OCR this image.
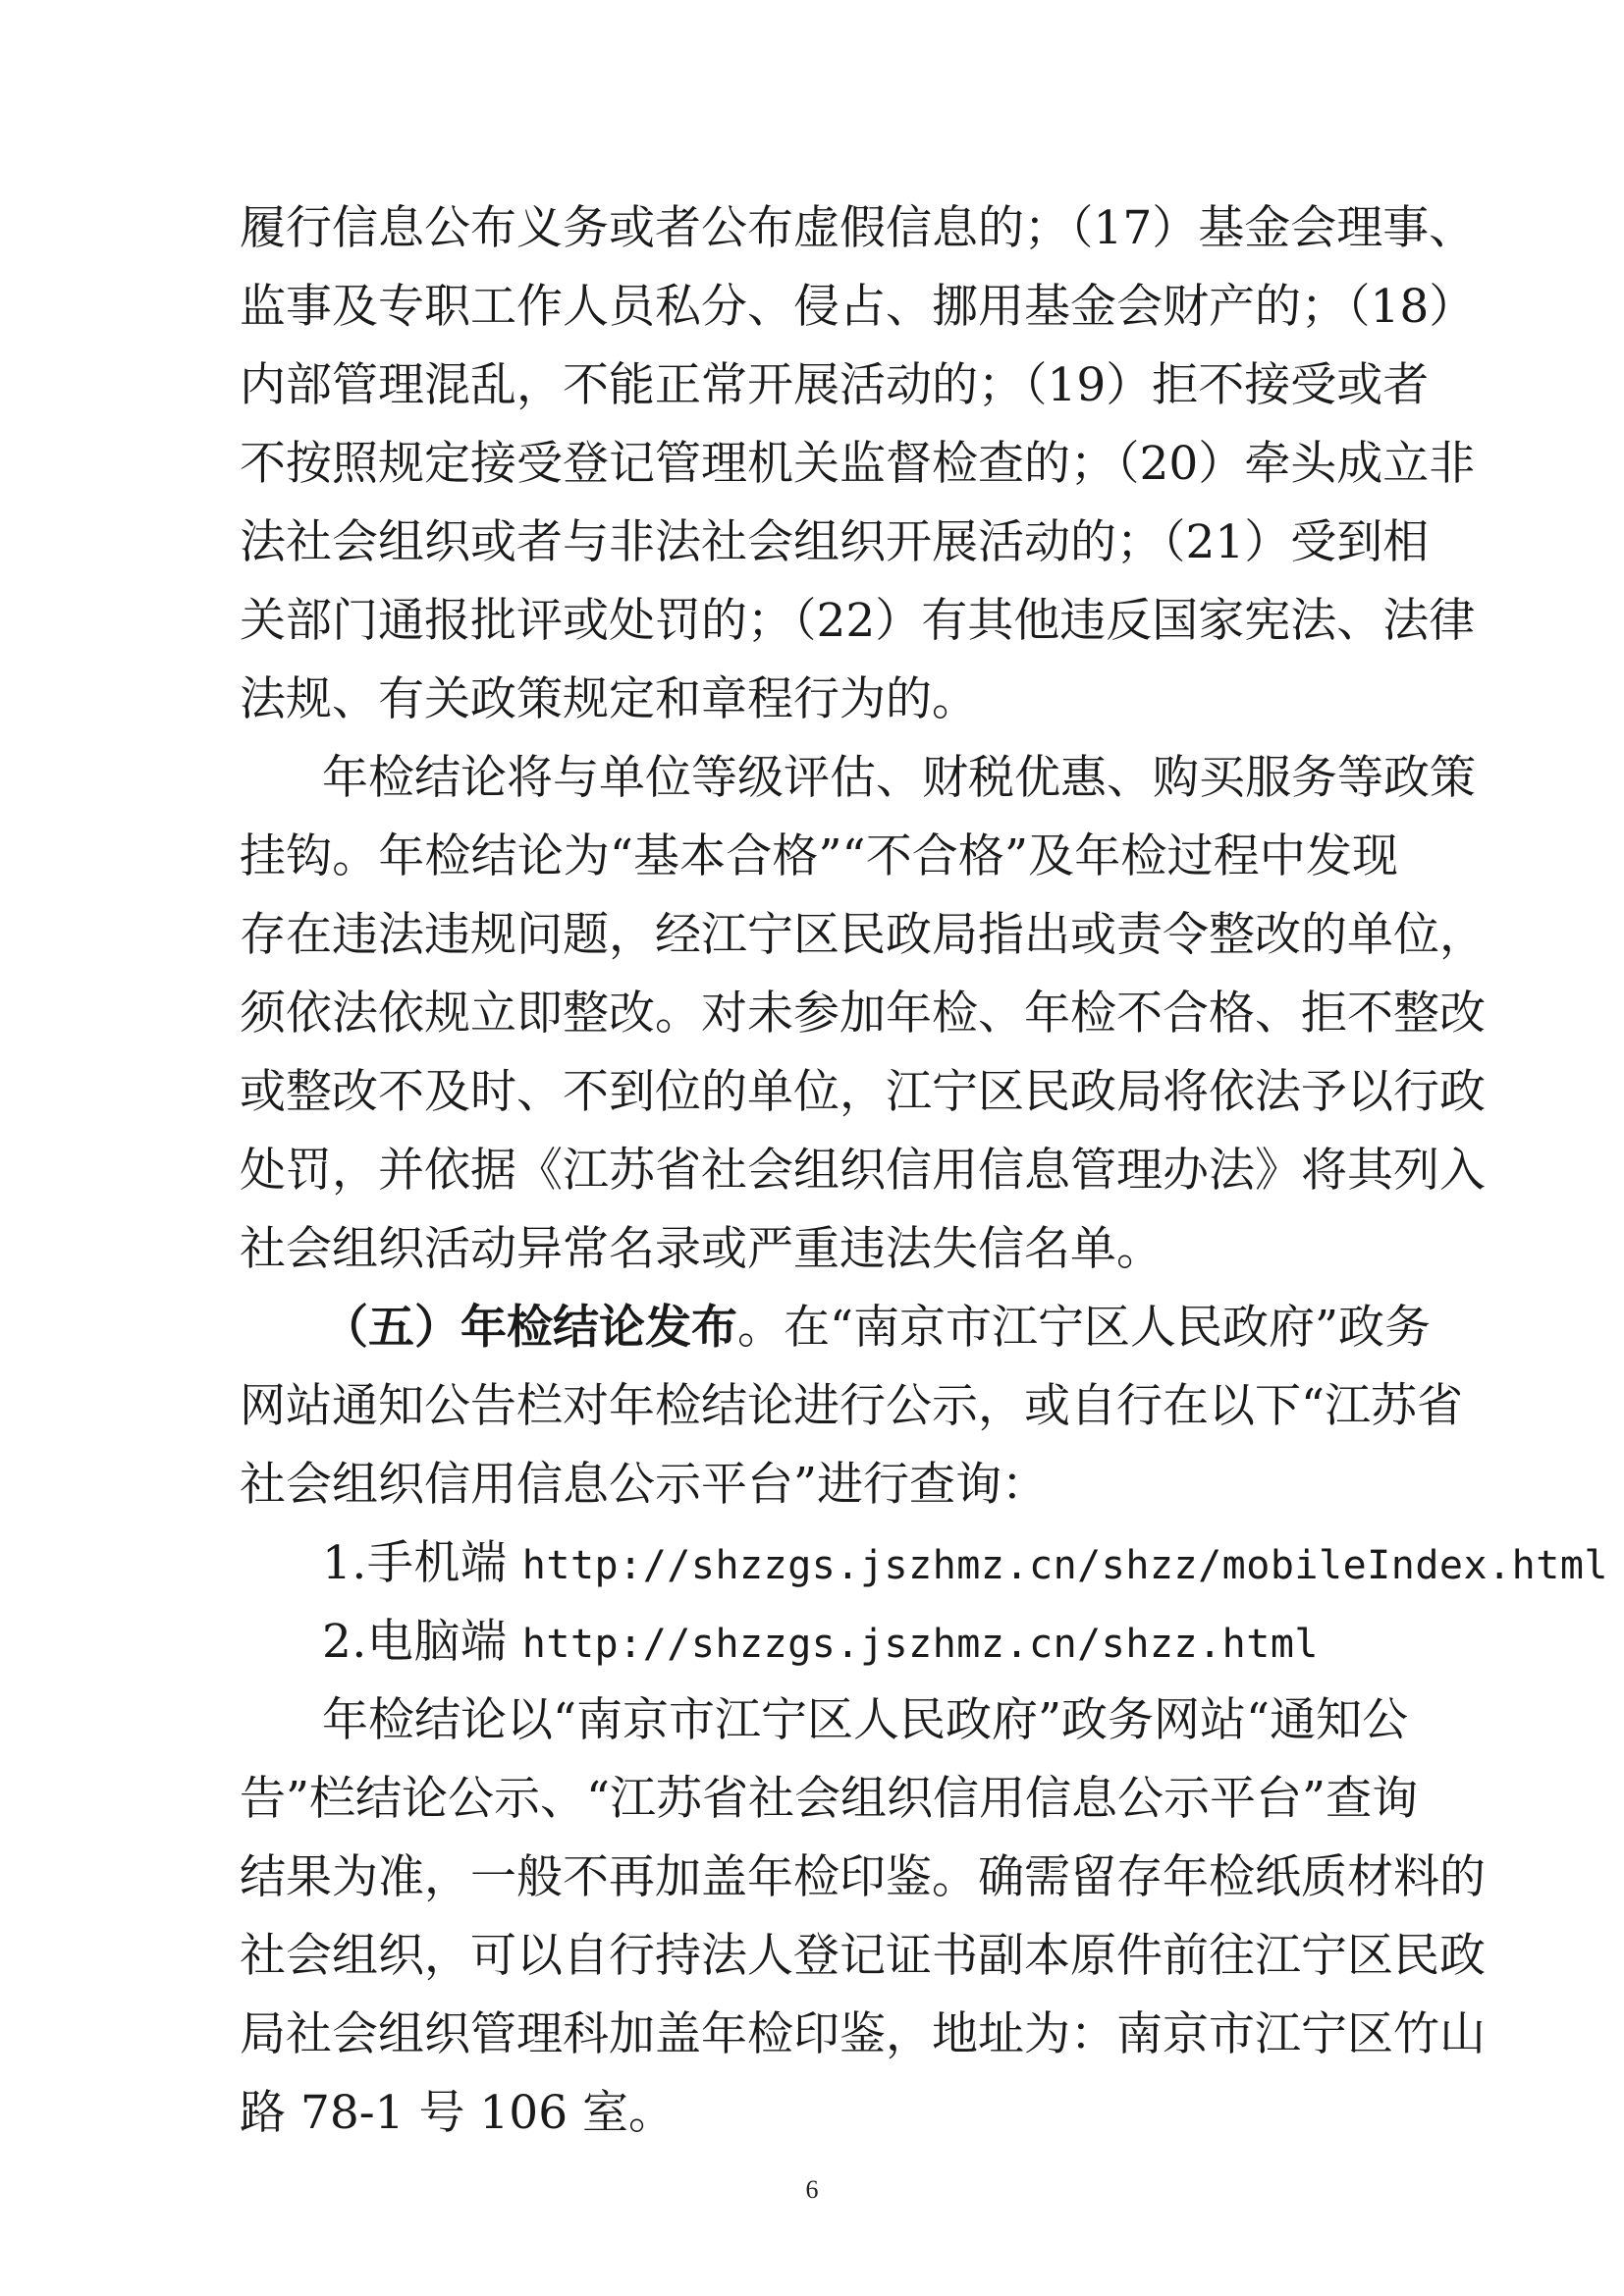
履行信息公布义务或者公布虚假信息的；（17）基金会理事、
监事及专职工作人员私分、侵占、挪用基金会财产的；（18）
内部管理混乱，不能正常开展活动的；（19）拒不接受或者
不按照规定接受登记管理机关监督检查的；（20）牵头成立非
法社会组织或者与非法社会组织开展活动的；（21）受到相
关部门通报批评或处罚的；（22）有其他违反国家宪法、法律
法规、有关政策规定和章程行为的。
年检结论将与单位等级评估、财税优惠、购买服务等政策
挂钩。年检结论为“基本合格”“不合格”及年检过程中发现
存在违法违规问题，经江宁区民政局指出或责令整改的单位，
须依法依规立即整改。对未参加年检、年检不合格、拒不整改
或整改不及时、不到位的单位，江宁区民政局将依法予以行政
处罚，并依据《江苏省社会组织信用信息管理办法》将其列入
社会组织活动异常名录或严重违法失信名单。
（五）年检结论发布。在“南京市江宁区人民政府”政务
网站通知公告栏对年检结论进行公示，或自行在以下“江苏省
社会组织信用信息公示平台”进行查询：
1.手机端 http://shzzgs.jszhmz.cn/shzz/mobileIndex.html
2.电脑端 http://shzzgs.jszhmz.cn/shzz.html
年检结论以“南京市江宁区人民政府”政务网站“通知公
告”栏结论公示、“江苏省社会组织信用信息公示平台”查询
结果为准，一般不再加盖年检印鉴。确需留存年检纸质材料的
社会组织，可以自行持法人登记证书副本原件前往江宁区民政
局社会组织管理科加盖年检印鉴，地址为：南京市江宁区竹山
路 78-1 号 106 室。
6
